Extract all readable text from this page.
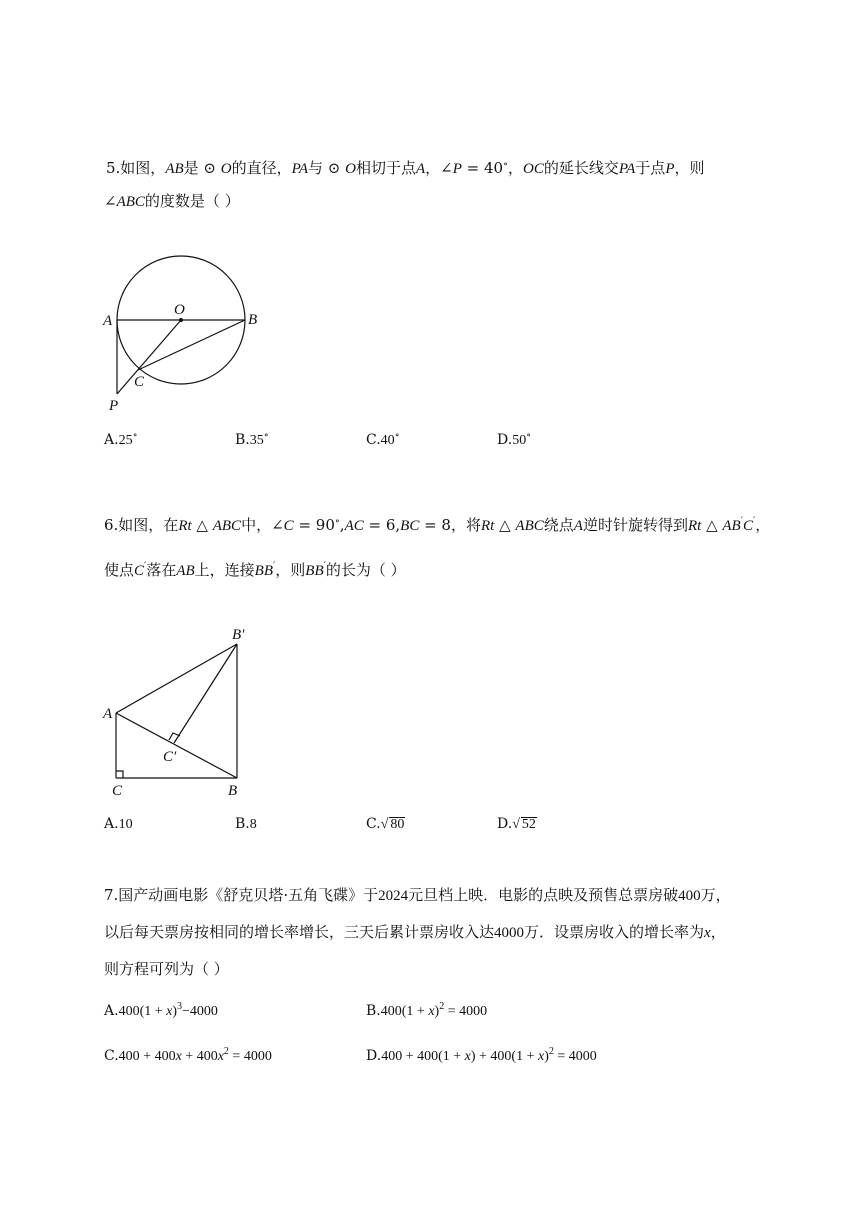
5.如图，AB是 ⊙ O的直径，PA与 ⊙ O相切于点A，∠P = 40∘，OC的延长线交PA于点P，则
∠ABC的度数是（ ）
A
O
B
C
P
A.25∘	B.35∘	C.40∘	D.50∘
6.如图，在Rt △ ABC中，∠C = 90∘,AC = 6,BC = 8，将Rt △ ABC绕点A逆时针旋转得到Rt △ AB′C′，
使点C′落在AB上，连接BB′，则BB′的长为（ ）
B′
A
C′
C	B
A.10	B.8	C.√ 80	D.√ 52
7.国产动画电影《舒克贝塔·五角飞碟》于2024元旦档上映．电影的点映及预售总票房破400万，
以后每天票房按相同的增长率增长，三天后累计票房收入达4000万．设票房收入的增长率为x，
则方程可列为（ ）
$A.400(1 + x)^3-4000$	$B.400(1 + x)^2 = 4000$
$C.400 + 400x + 400x^2 = 4000$	$D.400 + 400(1 + x) + 400(1 + x)^2 = 4000$
